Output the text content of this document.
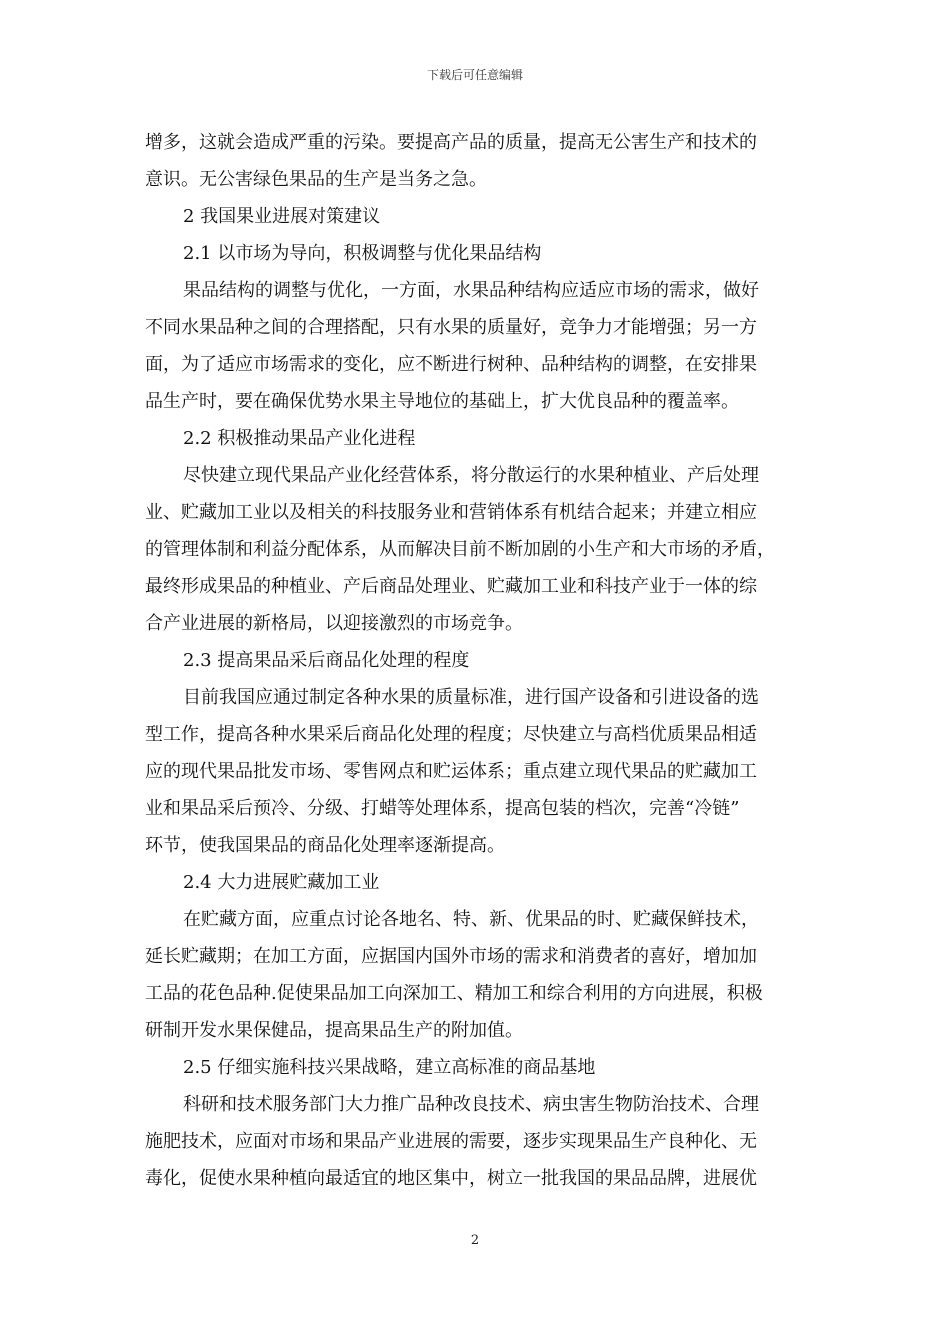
下载后可任意编辑

增多，这就会造成严重的污染。要提高产品的质量，提高无公害生产和技术的
意识。无公害绿色果品的生产是当务之急。

2 我国果业进展对策建议

2.1 以市场为导向，积极调整与优化果品结构

果品结构的调整与优化，一方面，水果品种结构应适应市场的需求，做好
不同水果品种之间的合理搭配，只有水果的质量好，竞争力才能增强；另一方
面，为了适应市场需求的变化，应不断进行树种、品种结构的调整，在安排果
品生产时，要在确保优势水果主导地位的基础上，扩大优良品种的覆盖率。

2.2 积极推动果品产业化进程

尽快建立现代果品产业化经营体系，将分散运行的水果种植业、产后处理
业、贮藏加工业以及相关的科技服务业和营销体系有机结合起来；并建立相应
的管理体制和利益分配体系，从而解决目前不断加剧的小生产和大市场的矛盾，
最终形成果品的种植业、产后商品处理业、贮藏加工业和科技产业于一体的综
合产业进展的新格局，以迎接激烈的市场竞争。

2.3 提高果品采后商品化处理的程度

目前我国应通过制定各种水果的质量标准，进行国产设备和引进设备的选
型工作，提高各种水果采后商品化处理的程度；尽快建立与高档优质果品相适
应的现代果品批发市场、零售网点和贮运体系；重点建立现代果品的贮藏加工
业和果品采后预冷、分级、打蜡等处理体系，提高包装的档次，完善“冷链”
环节，使我国果品的商品化处理率逐渐提高。

2.4 大力进展贮藏加工业

在贮藏方面，应重点讨论各地名、特、新、优果品的时、贮藏保鲜技术，
延长贮藏期；在加工方面，应据国内国外市场的需求和消费者的喜好，增加加
工品的花色品种.促使果品加工向深加工、精加工和综合利用的方向进展，积极
研制开发水果保健品，提高果品生产的附加值。

2.5 仔细实施科技兴果战略，建立高标准的商品基地

科研和技术服务部门大力推广品种改良技术、病虫害生物防治技术、合理
施肥技术，应面对市场和果品产业进展的需要，逐步实现果品生产良种化、无
毒化，促使水果种植向最适宜的地区集中，树立一批我国的果品品牌，进展优

2
